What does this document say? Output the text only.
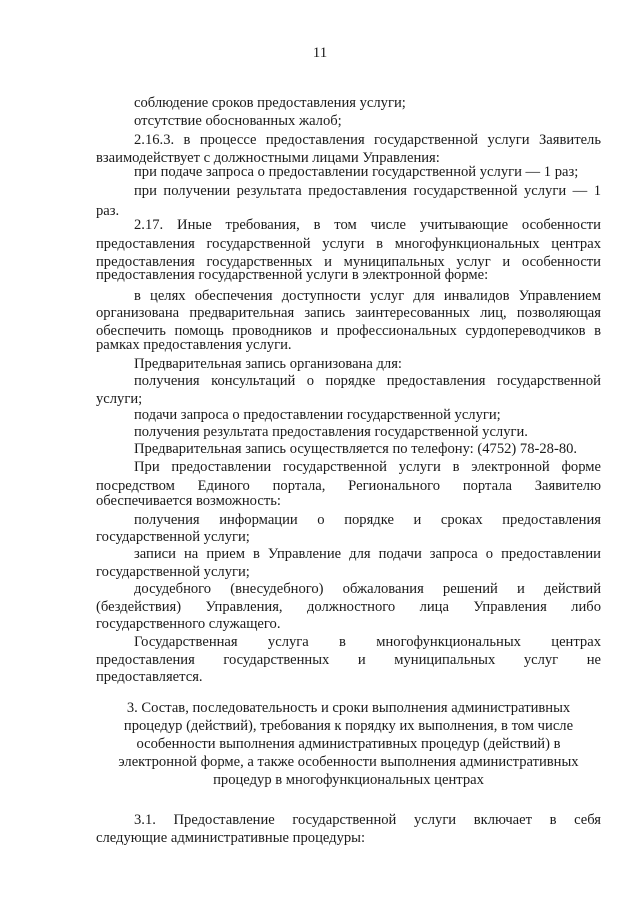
11
соблюдение сроков предоставления услуги;
отсутствие обоснованных жалоб;
2.16.3. в процессе предоставления государственной услуги Заявитель
взаимодействует с должностными лицами Управления:
при подаче запроса о предоставлении государственной услуги — 1 раз;
при получении результата предоставления государственной услуги — 1
раз.
2.17. Иные требования, в том числе учитывающие особенности
предоставления государственной услуги в многофункциональных центрах
предоставления государственных и муниципальных услуг и особенности
предоставления государственной услуги в электронной форме:
в целях обеспечения доступности услуг для инвалидов Управлением
организована предварительная запись заинтересованных лиц, позволяющая
обеспечить помощь проводников и профессиональных сурдопереводчиков в
рамках предоставления услуги.
Предварительная запись организована для:
получения консультаций о порядке предоставления государственной
услуги;
подачи запроса о предоставлении государственной услуги;
получения результата предоставления государственной услуги.
Предварительная запись осуществляется по телефону: (4752) 78-28-80.
При предоставлении государственной услуги в электронной форме
посредством Единого портала, Регионального портала Заявителю
обеспечивается возможность:
получения информации о порядке и сроках предоставления
государственной услуги;
записи на прием в Управление для подачи запроса о предоставлении
государственной услуги;
досудебного (внесудебного) обжалования решений и действий
(бездействия) Управления, должностного лица Управления либо
государственного служащего.
Государственная услуга в многофункциональных центрах
предоставления государственных и муниципальных услуг не
предоставляется.
3. Состав, последовательность и сроки выполнения административных
процедур (действий), требования к порядку их выполнения, в том числе
особенности выполнения административных процедур (действий) в
электронной форме, а также особенности выполнения административных
процедур в многофункциональных центрах
3.1. Предоставление государственной услуги включает в себя
следующие административные процедуры:
